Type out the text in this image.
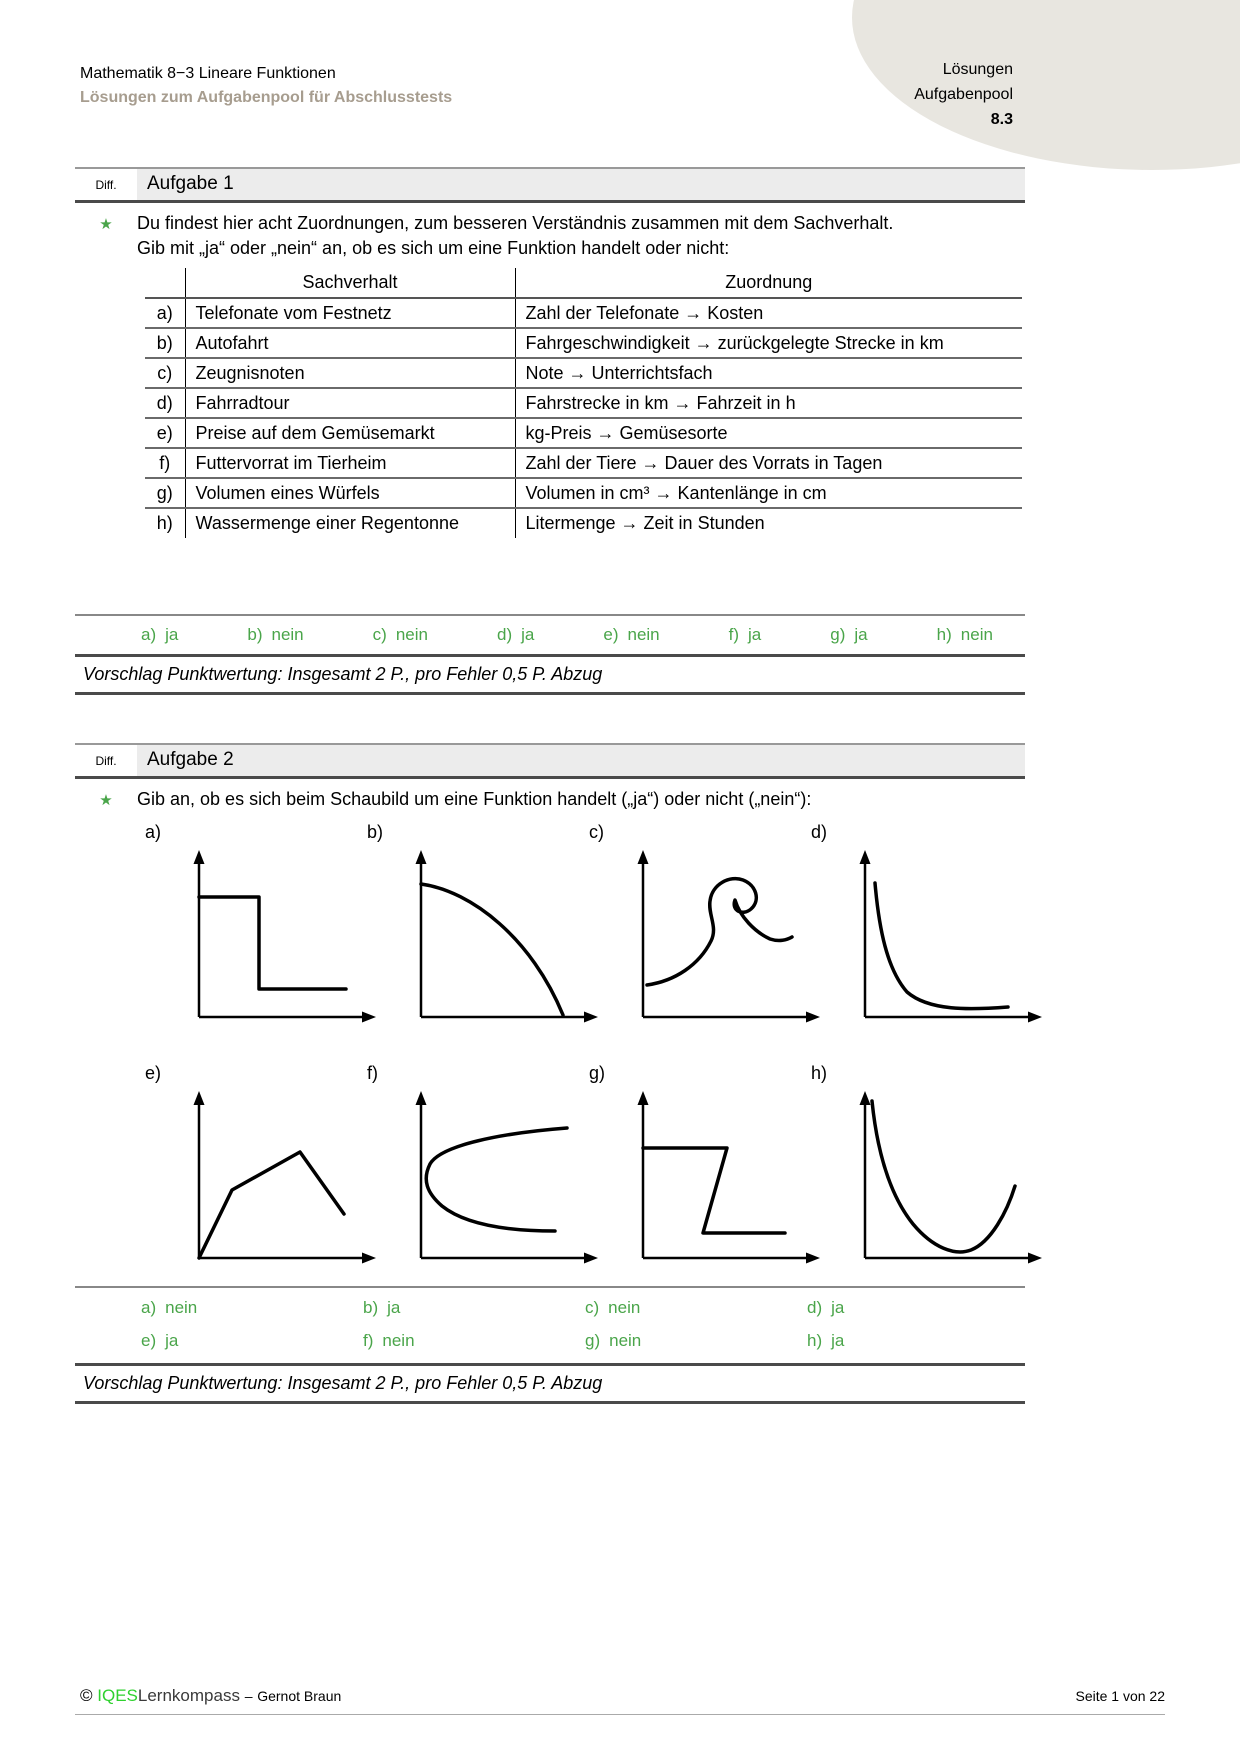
Lösungen
Aufgabenpool
8.3
Mathematik 8−3 Lineare Funktionen
Lösungen zum Aufgabenpool für Abschlusstests
Diff.	Aufgabe 1
★	Du findest hier acht Zuordnungen, zum besseren Verständnis zusammen mit dem Sachverhalt.
Gib mit „ja“ oder „nein“ an, ob es sich um eine Funktion handelt oder nicht:
	Sachverhalt	Zuordnung
a)	Telefonate vom Festnetz	Zahl der Telefonate → Kosten
b)	Autofahrt	Fahrgeschwindigkeit → zurückgelegte Strecke in km
c)	Zeugnisnoten	Note → Unterrichtsfach
d)	Fahrradtour	Fahrstrecke in km → Fahrzeit in h
e)	Preise auf dem Gemüsemarkt	kg-Preis → Gemüsesorte
f)	Futtervorrat im Tierheim	Zahl der Tiere → Dauer des Vorrats in Tagen
g)	Volumen eines Würfels	Volumen in cm³ → Kantenlänge in cm
h)	Wassermenge einer Regentonne	Litermenge → Zeit in Stunden
a) ja	b) nein	c) nein	d) ja	e) nein	f) ja	g) ja	h) nein
Vorschlag Punktwertung: Insgesamt 2 P., pro Fehler 0,5 P. Abzug
Diff.	Aufgabe 2
★	Gib an, ob es sich beim Schaubild um eine Funktion handelt („ja“) oder nicht („nein“):
a)	b)	c)	d)
e)	f)	g)	h)
a) nein	b) ja	c) nein	d) ja
e) ja	f) nein	g) nein	h) ja
Vorschlag Punktwertung: Insgesamt 2 P., pro Fehler 0,5 P. Abzug
© IQESLernkompass – Gernot Braun	Seite 1 von 22
